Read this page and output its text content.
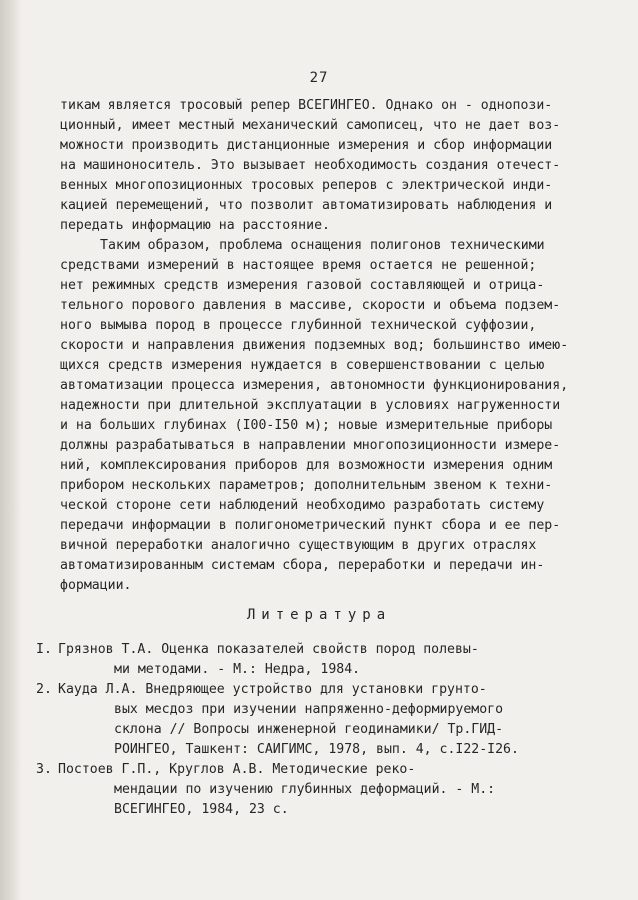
27
тикам является тросовый репер ВСЕГИНГЕО. Однако он - однопози-
ционный, имеет местный механический самописец, что не дает воз-
можности производить дистанционные измерения и сбор информации
на машиноноситель. Это вызывает необходимость создания отечест-
венных многопозиционных тросовых реперов с электрической инди-
кацией перемещений, что позволит автоматизировать наблюдения и
передать информацию на расстояние.
Таким образом, проблема оснащения полигонов техническими
средствами измерений в настоящее время остается не решенной;
нет режимных средств измерения газовой составляющей и отрица-
тельного порового давления в массиве, скорости и объема подзем-
ного вымыва пород в процессе глубинной технической суффозии,
скорости и направления движения подземных вод; большинство имею-
щихся средств измерения нуждается в совершенствовании с целью
автоматизации процесса измерения, автономности функционирования,
надежности при длительной эксплуатации в условиях нагруженности
и на больших глубинах (I00-I50 м); новые измерительные приборы
должны разрабатываться в направлении многопозиционности измере-
ний, комплексирования приборов для возможности измерения одним
прибором нескольких параметров; дополнительным звеном к техни-
ческой стороне сети наблюдений необходимо разработать систему
передачи информации в полигонометрический пункт сбора и ее пер-
вичной переработки аналогично существующим в других отраслях
автоматизированным системам сбора, переработки и передачи ин-
формации.
Литература
I. Грязнов Т.А. Оценка показателей свойств пород полевы-
ми методами. - М.: Недра, 1984.
2. Кауда Л.А. Внедряющее устройство для установки грунто-
вых месдоз при изучении напряженно-деформируемого
склона // Вопросы инженерной геодинамики/ Тр.ГИД-
РОИНГЕО, Ташкент: САИГИМС, 1978, вып. 4, с.I22-I26.
3. Постоев Г.П., Круглов А.В. Методические реко-
мендации по изучению глубинных деформаций. - М.:
ВСЕГИНГЕО, 1984, 23 с.
